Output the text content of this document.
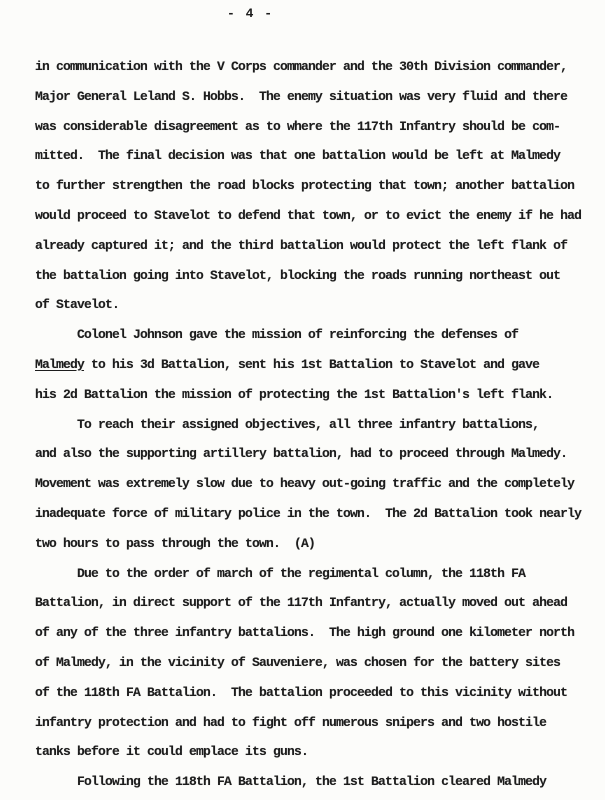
- 4 -
in communication with the V Corps commander and the 30th Division commander,
Major General Leland S. Hobbs.  The enemy situation was very fluid and there
was considerable disagreement as to where the 117th Infantry should be com-
mitted.  The final decision was that one battalion would be left at Malmedy
to further strengthen the road blocks protecting that town; another battalion
would proceed to Stavelot to defend that town, or to evict the enemy if he had
already captured it; and the third battalion would protect the left flank of
the battalion going into Stavelot, blocking the roads running northeast out
of Stavelot.
Colonel Johnson gave the mission of reinforcing the defenses of
Malmedy to his 3d Battalion, sent his 1st Battalion to Stavelot and gave
his 2d Battalion the mission of protecting the 1st Battalion's left flank.
To reach their assigned objectives, all three infantry battalions,
and also the supporting artillery battalion, had to proceed through Malmedy.
Movement was extremely slow due to heavy out-going traffic and the completely
inadequate force of military police in the town.  The 2d Battalion took nearly
two hours to pass through the town.  (A)
Due to the order of march of the regimental column, the 118th FA
Battalion, in direct support of the 117th Infantry, actually moved out ahead
of any of the three infantry battalions.  The high ground one kilometer north
of Malmedy, in the vicinity of Sauveniere, was chosen for the battery sites
of the 118th FA Battalion.  The battalion proceeded to this vicinity without
infantry protection and had to fight off numerous snipers and two hostile
tanks before it could emplace its guns.
Following the 118th FA Battalion, the 1st Battalion cleared Malmedy
